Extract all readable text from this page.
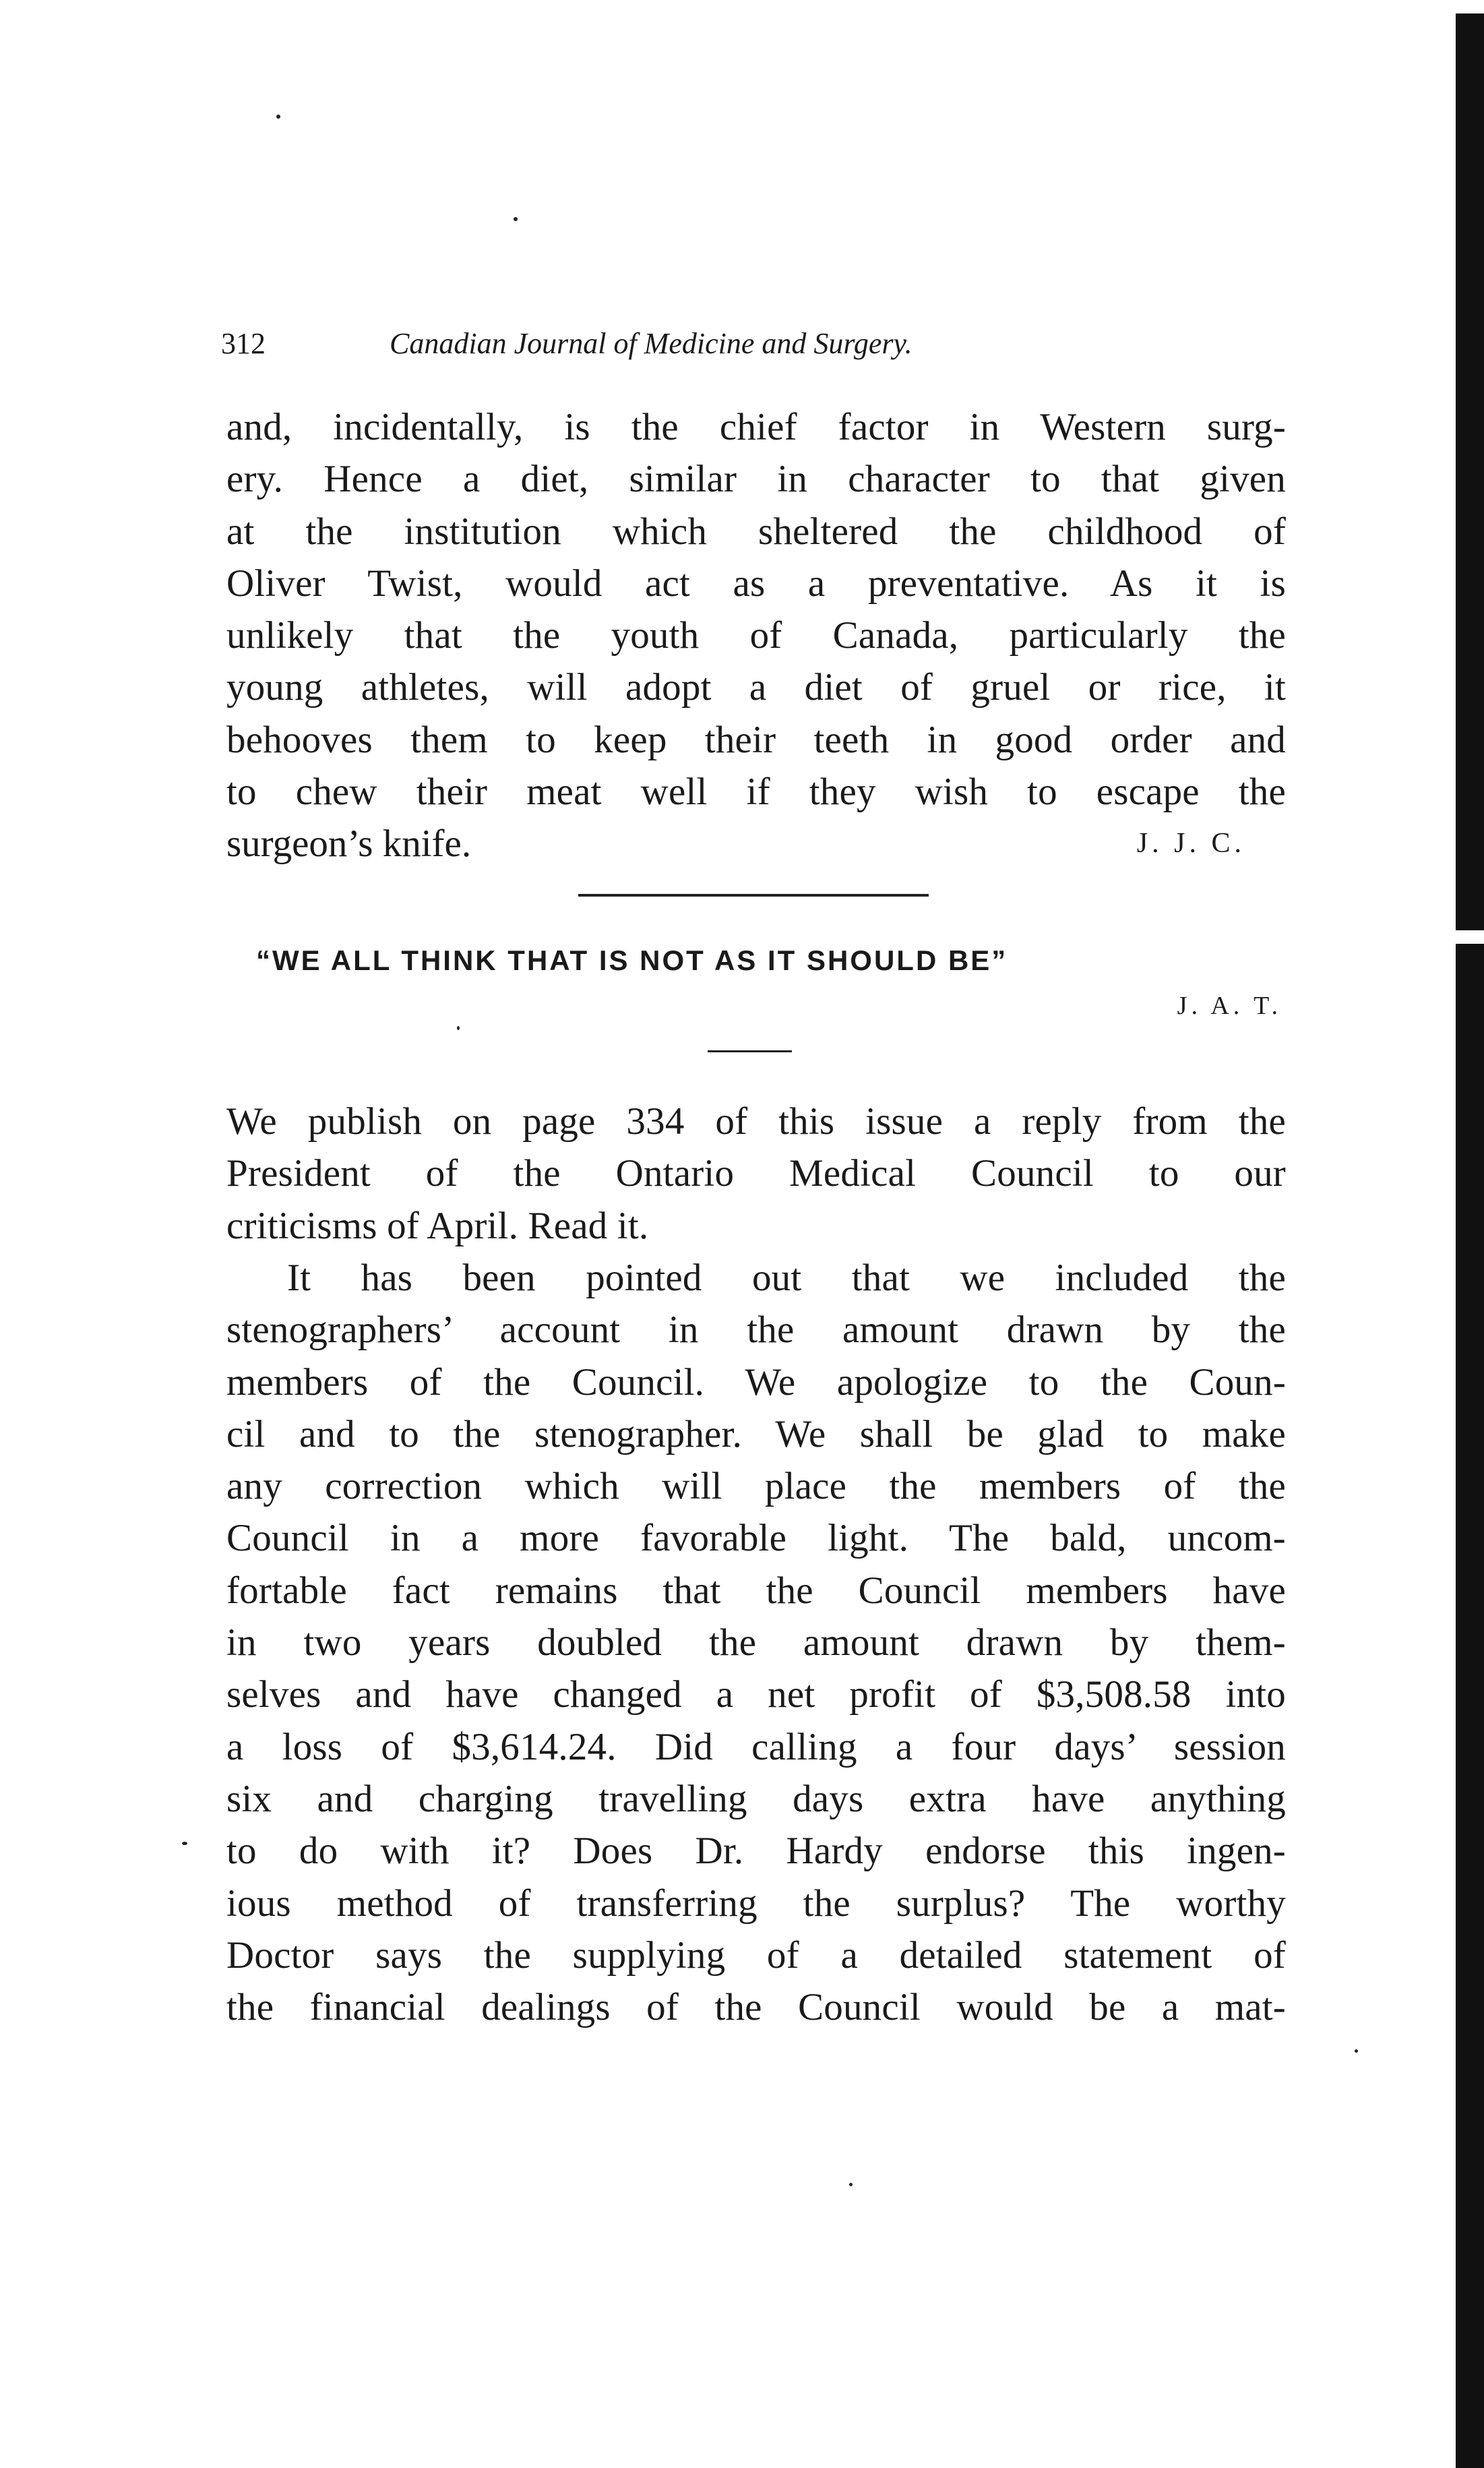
312	Canadian Journal of Medicine and Surgery.
and, incidentally, is the chief factor in Western surg-
ery. Hence a diet, similar in character to that given
at the institution which sheltered the childhood of
Oliver Twist, would act as a preventative. As it is
unlikely that the youth of Canada, particularly the
young athletes, will adopt a diet of gruel or rice, it
behooves them to keep their teeth in good order and
to chew their meat well if they wish to escape the
surgeon’s knife.	J. J. C.
“WE ALL THINK THAT IS NOT AS IT SHOULD BE”
J. A. T.
We publish on page 334 of this issue a reply from the
President of the Ontario Medical Council to our
criticisms of April. Read it.
It has been pointed out that we included the
stenographers’ account in the amount drawn by the
members of the Council. We apologize to the Coun-
cil and to the stenographer. We shall be glad to make
any correction which will place the members of the
Council in a more favorable light. The bald, uncom-
fortable fact remains that the Council members have
in two years doubled the amount drawn by them-
selves and have changed a net profit of $3,508.58 into
a loss of $3,614.24. Did calling a four days’ session
six and charging travelling days extra have anything
to do with it? Does Dr. Hardy endorse this ingen-
ious method of transferring the surplus? The worthy
Doctor says the supplying of a detailed statement of
the financial dealings of the Council would be a mat-
